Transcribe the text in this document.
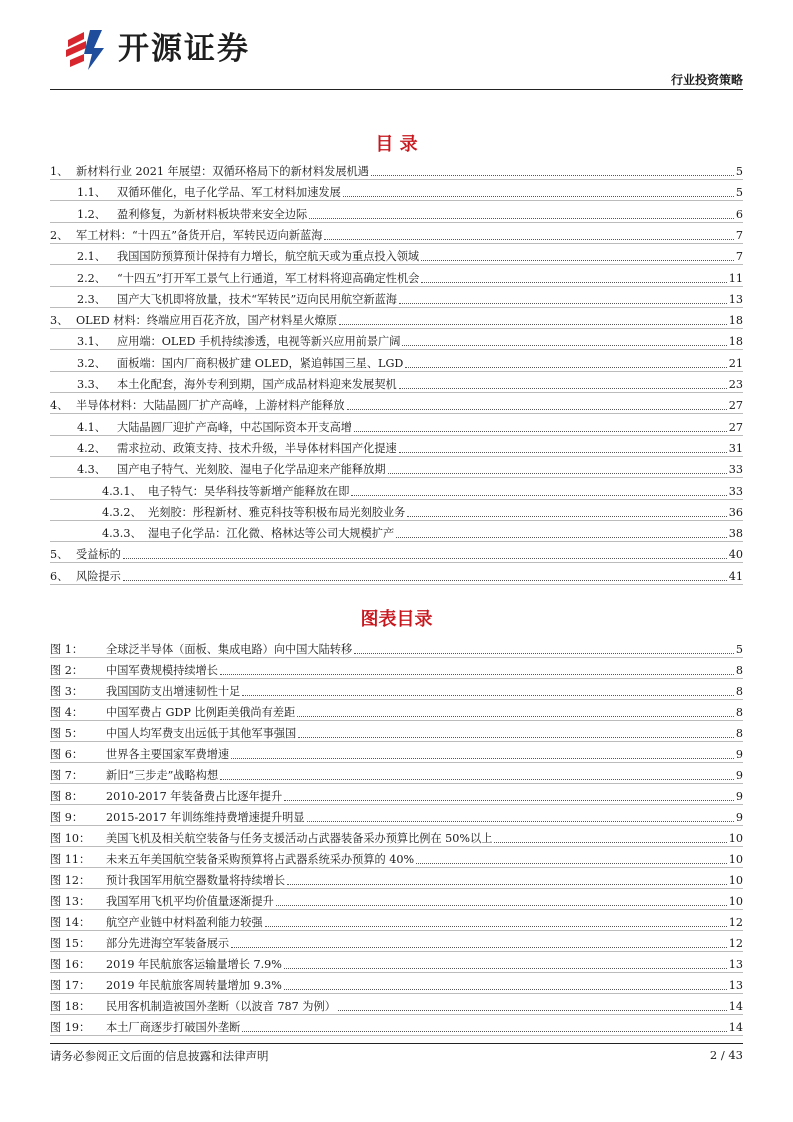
开源证券
行业投资策略
目 录
1、 新材料行业 2021 年展望：双循环格局下的新材料发展机遇	5
1.1、 双循环催化，电子化学品、军工材料加速发展	5
1.2、 盈利修复，为新材料板块带来安全边际	6
2、 军工材料：“十四五”备货开启，军转民迈向新蓝海	7
2.1、 我国国防预算预计保持有力增长，航空航天或为重点投入领域	7
2.2、 “十四五”打开军工景气上行通道，军工材料将迎高确定性机会	11
2.3、 国产大飞机即将放量，技术“军转民”迈向民用航空新蓝海	13
3、 OLED 材料：终端应用百花齐放，国产材料星火燎原	18
3.1、 应用端：OLED 手机持续渗透，电视等新兴应用前景广阔	18
3.2、 面板端：国内厂商积极扩建 OLED，紧追韩国三星、LGD	21
3.3、 本土化配套，海外专利到期，国产成品材料迎来发展契机	23
4、 半导体材料：大陆晶圆厂扩产高峰，上游材料产能释放	27
4.1、 大陆晶圆厂迎扩产高峰，中芯国际资本开支高增	27
4.2、 需求拉动、政策支持、技术升级，半导体材料国产化提速	31
4.3、 国产电子特气、光刻胶、湿电子化学品迎来产能释放期	33
4.3.1、 电子特气：昊华科技等新增产能释放在即	33
4.3.2、 光刻胶：彤程新材、雅克科技等积极布局光刻胶业务	36
4.3.3、 湿电子化学品：江化微、格林达等公司大规模扩产	38
5、 受益标的	40
6、 风险提示	41
图表目录
图 1：	全球泛半导体（面板、集成电路）向中国大陆转移	5
图 2：	中国军费规模持续增长	8
图 3：	我国国防支出增速韧性十足	8
图 4：	中国军费占 GDP 比例距美俄尚有差距	8
图 5：	中国人均军费支出远低于其他军事强国	8
图 6：	世界各主要国家军费增速	9
图 7：	新旧“三步走”战略构想	9
图 8：	2010-2017 年装备费占比逐年提升	9
图 9：	2015-2017 年训练维持费增速提升明显	9
图 10：	美国飞机及相关航空装备与任务支援活动占武器装备采办预算比例在 50%以上	10
图 11：	未来五年美国航空装备采购预算将占武器系统采办预算的 40%	10
图 12：	预计我国军用航空器数量将持续增长	10
图 13：	我国军用飞机平均价值量逐渐提升	10
图 14：	航空产业链中材料盈利能力较强	12
图 15：	部分先进海空军装备展示	12
图 16：	2019 年民航旅客运输量增长 7.9%	13
图 17：	2019 年民航旅客周转量增加 9.3%	13
图 18：	民用客机制造被国外垄断（以波音 787 为例）	14
图 19：	本土厂商逐步打破国外垄断	14
请务必参阅正文后面的信息披露和法律声明	2 / 43
